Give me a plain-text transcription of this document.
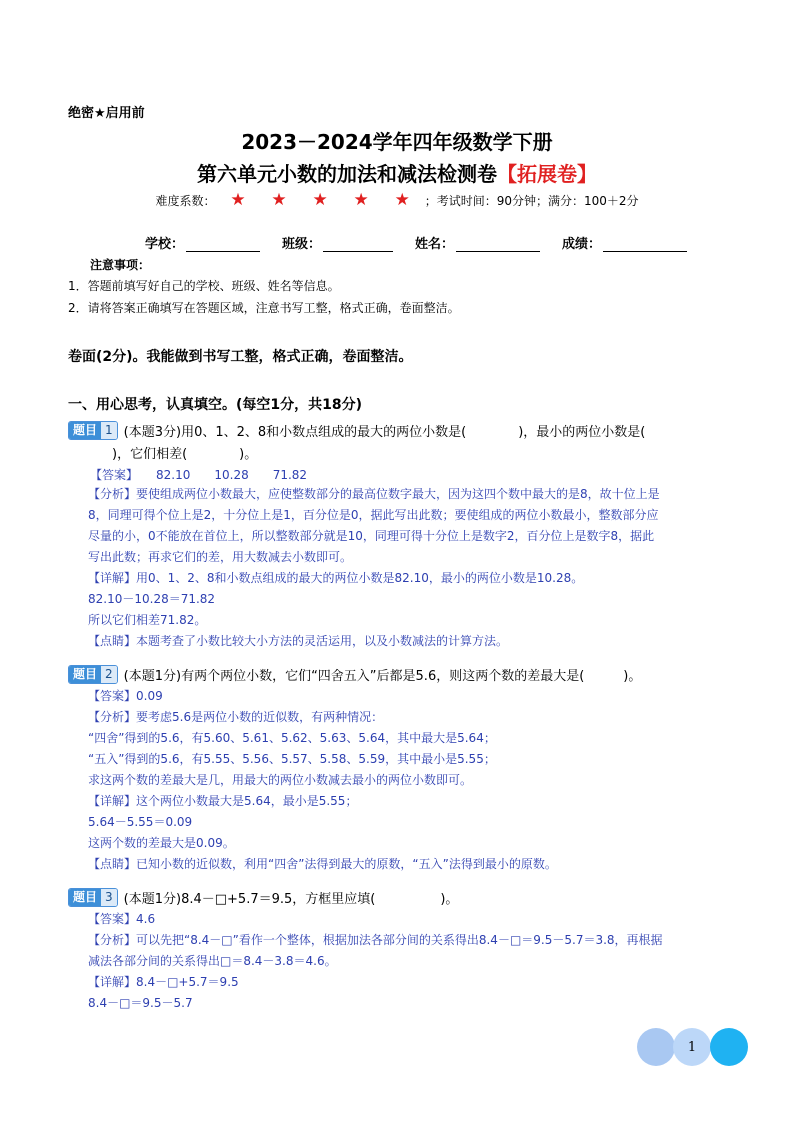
绝密★启用前
2023－2024学年四年级数学下册
第六单元小数的加法和减法检测卷【拓展卷】
难度系数： ★ ★ ★ ★ ★ ；考试时间：90分钟；满分：100＋2分
学校：	班级：	姓名：	成绩：
注意事项：
1．答题前填写好自己的学校、班级、姓名等信息。
2．请将答案正确填写在答题区域，注意书写工整，格式正确，卷面整洁。
卷面(2分)。我能做到书写工整，格式正确，卷面整洁。
一、用心思考，认真填空。(每空1分，共18分)
题目 1 (本题3分)用0、1、2、8和小数点组成的最大的两位小数是(　　　　)，最小的两位小数是(
　　)，它们相差(　　　　)。
【答案】　　82.10　　10.28　　71.82
【分析】要使组成两位小数最大，应使整数部分的最高位数字最大，因为这四个数中最大的是8，故十位上是
8，同理可得个位上是2，十分位上是1，百分位是0，据此写出此数；要使组成的两位小数最小，整数部分应
尽量的小，0不能放在首位上，所以整数部分就是10，同理可得十分位上是数字2，百分位上是数字8，据此
写出此数；再求它们的差，用大数减去小数即可。
【详解】用0、1、2、8和小数点组成的最大的两位小数是82.10，最小的两位小数是10.28。
82.10－10.28＝71.82
所以它们相差71.82。
【点睛】本题考查了小数比较大小方法的灵活运用，以及小数减法的计算方法。
题目 2 (本题1分)有两个两位小数，它们“四舍五入”后都是5.6，则这两个数的差最大是(　　　)。
【答案】0.09
【分析】要考虑5.6是两位小数的近似数，有两种情况：
“四舍”得到的5.6，有5.60、5.61、5.62、5.63、5.64，其中最大是5.64；
“五入”得到的5.6，有5.55、5.56、5.57、5.58、5.59，其中最小是5.55；
求这两个数的差最大是几，用最大的两位小数减去最小的两位小数即可。
【详解】这个两位小数最大是5.64，最小是5.55；
5.64－5.55＝0.09
这两个数的差最大是0.09。
【点睛】已知小数的近似数，利用“四舍”法得到最大的原数，“五入”法得到最小的原数。
题目 3 (本题1分)8.4－□+5.7＝9.5，方框里应填(　　　　　)。
【答案】4.6
【分析】可以先把“8.4－□”看作一个整体，根据加法各部分间的关系得出8.4－□＝9.5－5.7＝3.8，再根据
减法各部分间的关系得出□＝8.4－3.8＝4.6。
【详解】8.4－□+5.7＝9.5
8.4－□＝9.5－5.7
1
